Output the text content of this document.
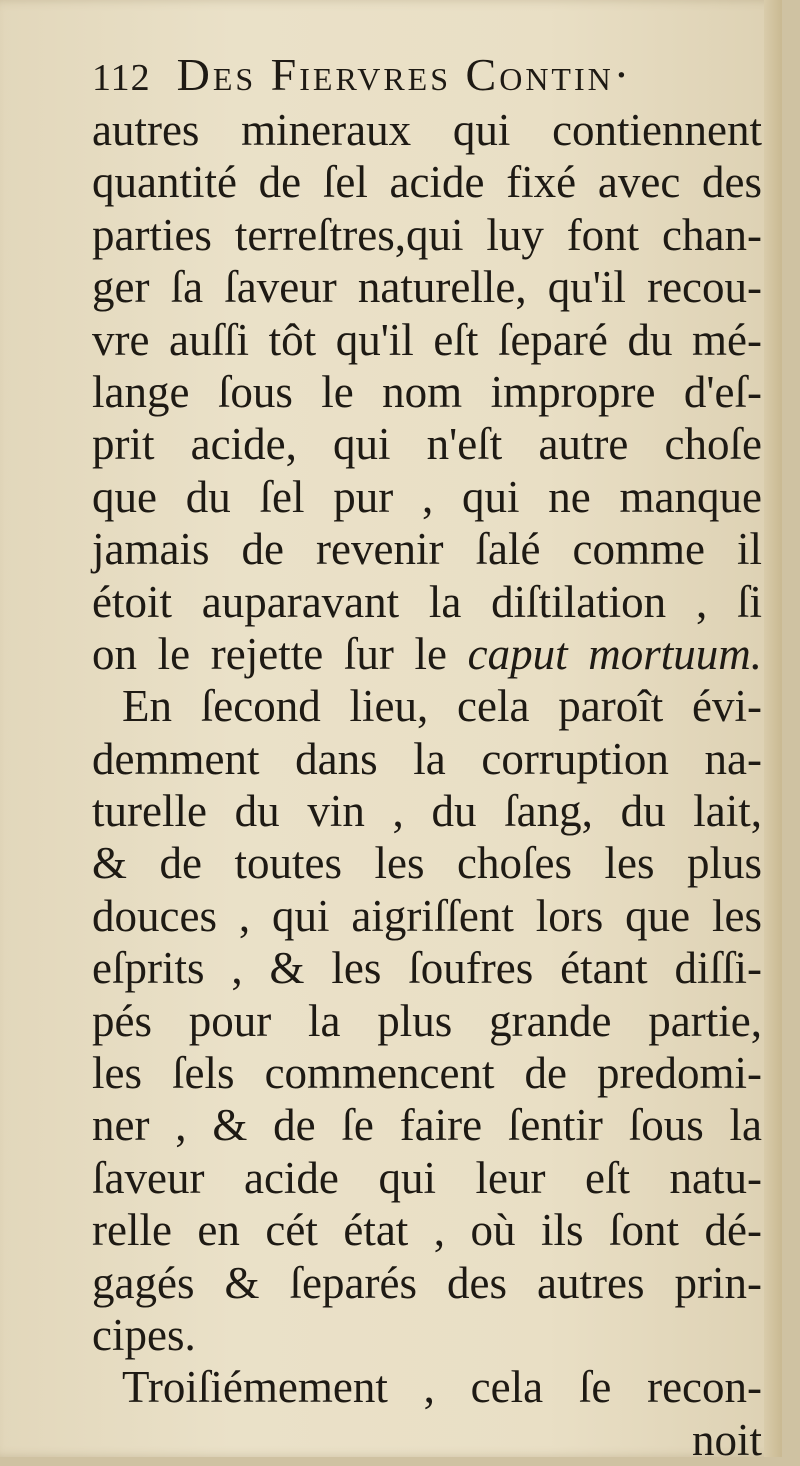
112 Des Fiervres Contin·
autres mineraux qui contiennent
quantité de ſel acide fixé avec des
parties terreſtres,qui luy font chan-
ger ſa ſaveur naturelle, qu'il recou-
vre auſſi tôt qu'il eſt ſeparé du mé-
lange ſous le nom impropre d'eſ-
prit acide, qui n'eſt autre choſe
que du ſel pur , qui ne manque
jamais de revenir ſalé comme il
étoit auparavant la diſtilation , ſi
on le rejette ſur le caput mortuum.
En ſecond lieu, cela paroît évi-
demment dans la corruption na-
turelle du vin , du ſang, du lait,
& de toutes les choſes les plus
douces , qui aigriſſent lors que les
eſprits , & les ſoufres étant diſſi-
pés pour la plus grande partie,
les ſels commencent de predomi-
ner , & de ſe faire ſentir ſous la
ſaveur acide qui leur eſt natu-
relle en cét état , où ils ſont dé-
gagés & ſeparés des autres prin-
cipes.
Troiſiémement , cela ſe recon-
noit
